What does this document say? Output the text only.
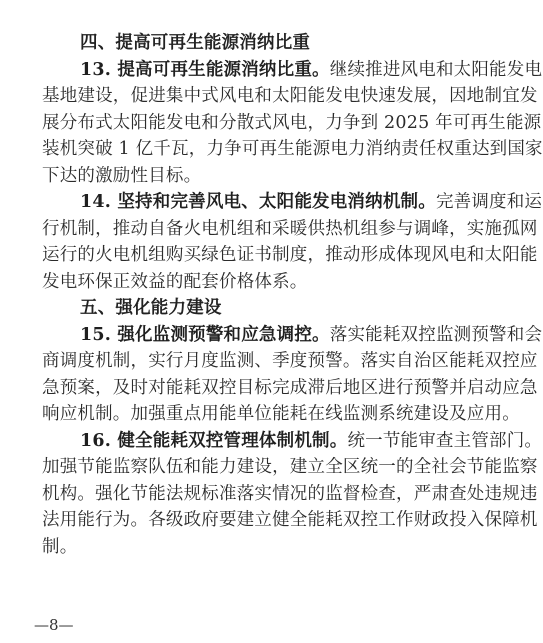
四、提高可再生能源消纳比重
13. 提高可再生能源消纳比重。继续推进风电和太阳能发电
基地建设，促进集中式风电和太阳能发电快速发展，因地制宜发
展分布式太阳能发电和分散式风电，力争到 2025 年可再生能源
装机突破 1 亿千瓦，力争可再生能源电力消纳责任权重达到国家
下达的激励性目标。
14. 坚持和完善风电、太阳能发电消纳机制。完善调度和运
行机制，推动自备火电机组和采暖供热机组参与调峰，实施孤网
运行的火电机组购买绿色证书制度，推动形成体现风电和太阳能
发电环保正效益的配套价格体系。
五、强化能力建设
15. 强化监测预警和应急调控。落实能耗双控监测预警和会
商调度机制，实行月度监测、季度预警。落实自治区能耗双控应
急预案，及时对能耗双控目标完成滞后地区进行预警并启动应急
响应机制。加强重点用能单位能耗在线监测系统建设及应用。
16. 健全能耗双控管理体制机制。统一节能审查主管部门。
加强节能监察队伍和能力建设，建立全区统一的全社会节能监察
机构。强化节能法规标准落实情况的监督检查，严肃查处违规违
法用能行为。各级政府要建立健全能耗双控工作财政投入保障机
制。
—8—
